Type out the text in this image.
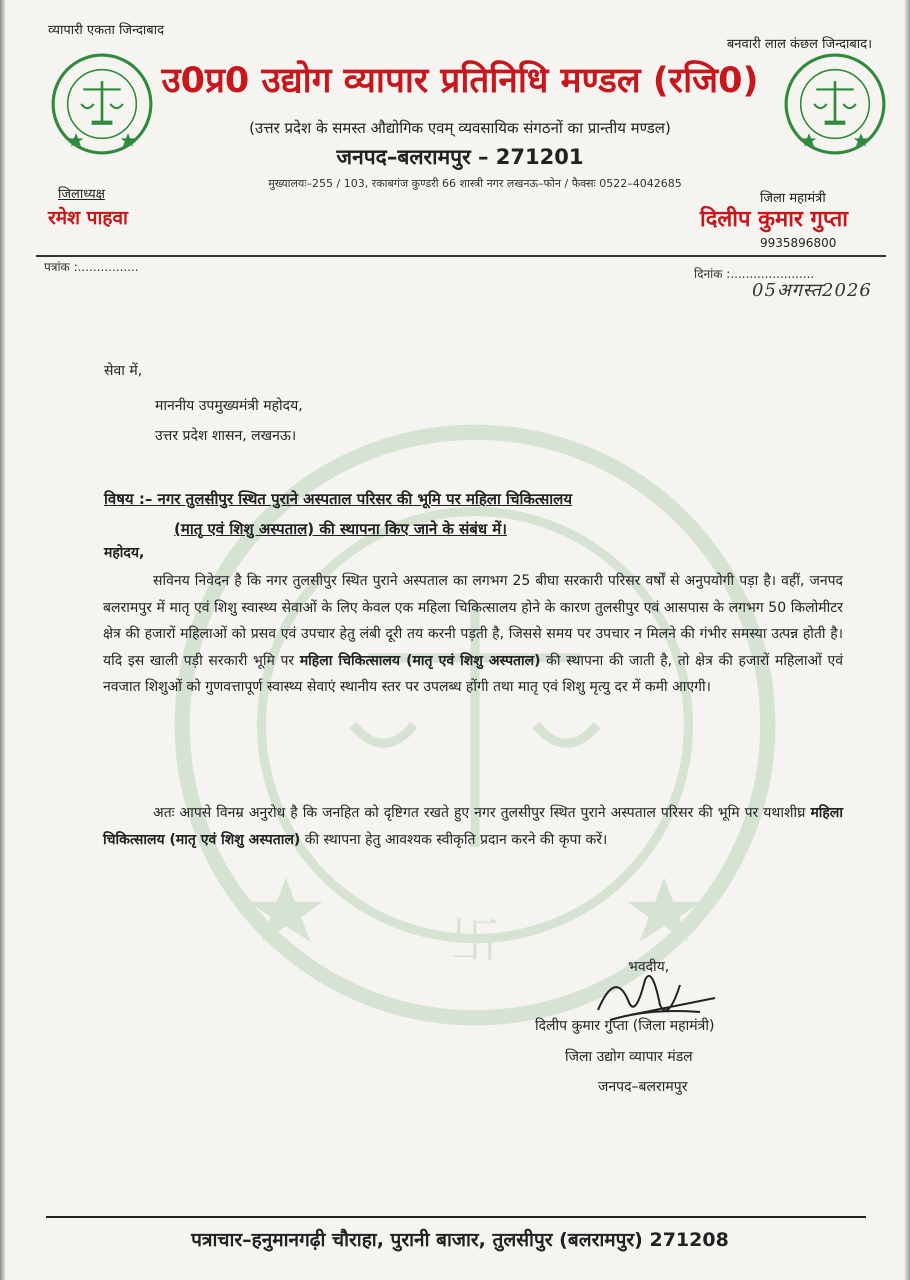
卐
व्यापारी एकता जिन्दाबाद
बनवारी लाल कंछल जिन्दाबाद।
उ0प्र0 उद्योग व्यापार प्रतिनिधि मण्डल (रजि0)
(उत्तर प्रदेश के समस्त औद्योगिक एवम् व्यवसायिक संगठनों का प्रान्तीय मण्डल)
जनपद–बलरामपुर – 271201
मुख्यालयः–255 / 103, रकाबगंज कुण्डरी 66 शास्त्री नगर लखनऊ–फोन / फैक्सः 0522–4042685
जिलाध्यक्ष
रमेश पाहवा
जिला महामंत्री
दिलीप कुमार गुप्ता
9935896800
पत्रांक :................	दिनांक :......................
05अगस्त2026
सेवा में,
माननीय उपमुख्यमंत्री महोदय,
उत्तर प्रदेश शासन, लखनऊ।
विषय :– नगर तुलसीपुर स्थित पुराने अस्पताल परिसर की भूमि पर महिला चिकित्सालय
(मातृ एवं शिशु अस्पताल) की स्थापना किए जाने के संबंध में।
महोदय,
सविनय निवेदन है कि नगर तुलसीपुर स्थित पुराने अस्पताल का लगभग 25 बीघा सरकारी परिसर वर्षों से अनुपयोगी पड़ा है। वहीं, जनपद बलरामपुर में मातृ एवं शिशु स्वास्थ्य सेवाओं के लिए केवल एक महिला चिकित्सालय होने के कारण तुलसीपुर एवं आसपास के लगभग 50 किलोमीटर क्षेत्र की हजारों महिलाओं को प्रसव एवं उपचार हेतु लंबी दूरी तय करनी पड़ती है, जिससे समय पर उपचार न मिलने की गंभीर समस्या उत्पन्न होती है। यदि इस खाली पड़ी सरकारी भूमि पर महिला चिकित्सालय (मातृ एवं शिशु अस्पताल) की स्थापना की जाती है, तो क्षेत्र की हजारों महिलाओं एवं नवजात शिशुओं को गुणवत्तापूर्ण स्वास्थ्य सेवाएं स्थानीय स्तर पर उपलब्ध होंगी तथा मातृ एवं शिशु मृत्यु दर में कमी आएगी।
अतः आपसे विनम्र अनुरोध है कि जनहित को दृष्टिगत रखते हुए नगर तुलसीपुर स्थित पुराने अस्पताल परिसर की भूमि पर यथाशीघ्र महिला चिकित्सालय (मातृ एवं शिशु अस्पताल) की स्थापना हेतु आवश्यक स्वीकृति प्रदान करने की कृपा करें।
भवदीय,
दिलीप कुमार गुप्ता (जिला महामंत्री)
जिला उद्योग व्यापार मंडल
जनपद–बलरामपुर
पत्राचार–हनुमानगढ़ी चौराहा, पुरानी बाजार, तुलसीपुर (बलरामपुर) 271208
